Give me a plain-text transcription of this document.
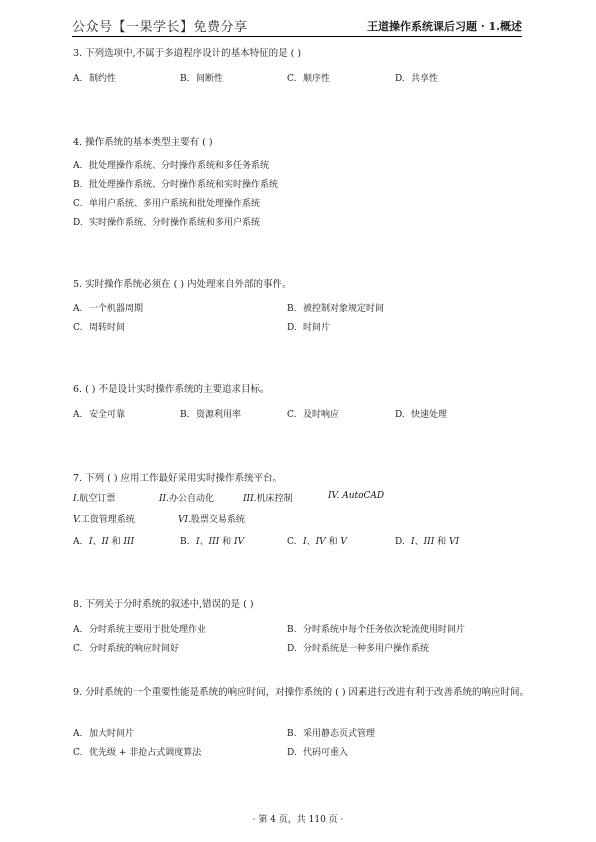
公众号【一果学长】免费分享	王道操作系统课后习题 · 1.概述
3. 下列选项中,不属于多道程序设计的基本特征的是 ( )
A. 制约性	B. 间断性	C. 顺序性	D. 共享性
4. 操作系统的基本类型主要有 ( )
A. 批处理操作系统、分时操作系统和多任务系统
B. 批处理操作系统、分时操作系统和实时操作系统
C. 单用户系统、多用户系统和批处理操作系统
D. 实时操作系统、分时操作系统和多用户系统
5. 实时操作系统必须在 ( ) 内处理来自外部的事件。
A. 一个机器周期	B. 被控制对象规定时间
C. 周转时间	D. 时间片
6. ( ) 不是设计实时操作系统的主要追求目标。
A. 安全可靠	B. 资源利用率	C. 及时响应	D. 快速处理
7. 下列 ( ) 应用工作最好采用实时操作系统平台。
I.航空订票	II.办公自动化	III.机床控制	IV. AutoCAD
V.工资管理系统	VI.股票交易系统
A. I、II 和 III	B. I、III 和 IV	C. I、IV 和 V	D. I、III 和 VI
8. 下列关于分时系统的叙述中,错误的是 ( )
A. 分时系统主要用于批处理作业	B. 分时系统中每个任务依次轮流使用时间片
C. 分时系统的响应时间好	D. 分时系统是一种多用户操作系统
9. 分时系统的一个重要性能是系统的响应时间，对操作系统的 ( ) 因素进行改进有利于改善系统的响应时间。
A. 加大时间片	B. 采用静态页式管理
C. 优先级 + 非抢占式调度算法	D. 代码可重入
· 第 4 页，共 110 页 ·
